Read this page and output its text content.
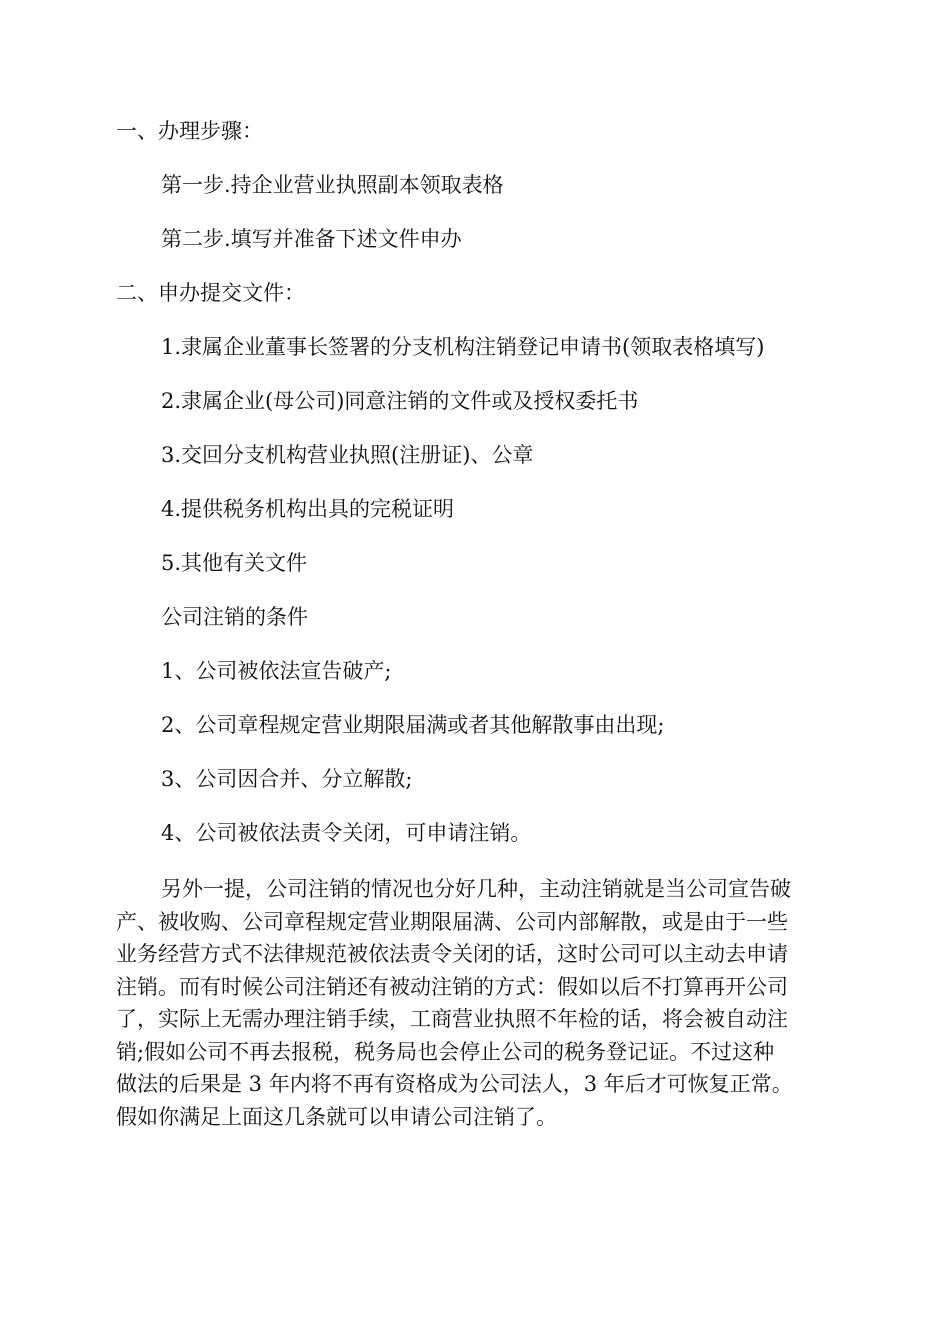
一、办理步骤：

第一步.持企业营业执照副本领取表格

第二步.填写并准备下述文件申办

二、申办提交文件：

1.隶属企业董事长签署的分支机构注销登记申请书(领取表格填写)

2.隶属企业(母公司)同意注销的文件或及授权委托书

3.交回分支机构营业执照(注册证)、公章

4.提供税务机构出具的完税证明

5.其他有关文件

公司注销的条件

1、公司被依法宣告破产;

2、公司章程规定营业期限届满或者其他解散事由出现;

3、公司因合并、分立解散;

4、公司被依法责令关闭，可申请注销。

另外一提，公司注销的情况也分好几种，主动注销就是当公司宣告破
产、被收购、公司章程规定营业期限届满、公司内部解散，或是由于一些
业务经营方式不法律规范被依法责令关闭的话，这时公司可以主动去申请
注销。而有时候公司注销还有被动注销的方式：假如以后不打算再开公司
了，实际上无需办理注销手续，工商营业执照不年检的话，将会被自动注
销;假如公司不再去报税，税务局也会停止公司的税务登记证。不过这种
做法的后果是 3 年内将不再有资格成为公司法人，3 年后才可恢复正常。
假如你满足上面这几条就可以申请公司注销了。
